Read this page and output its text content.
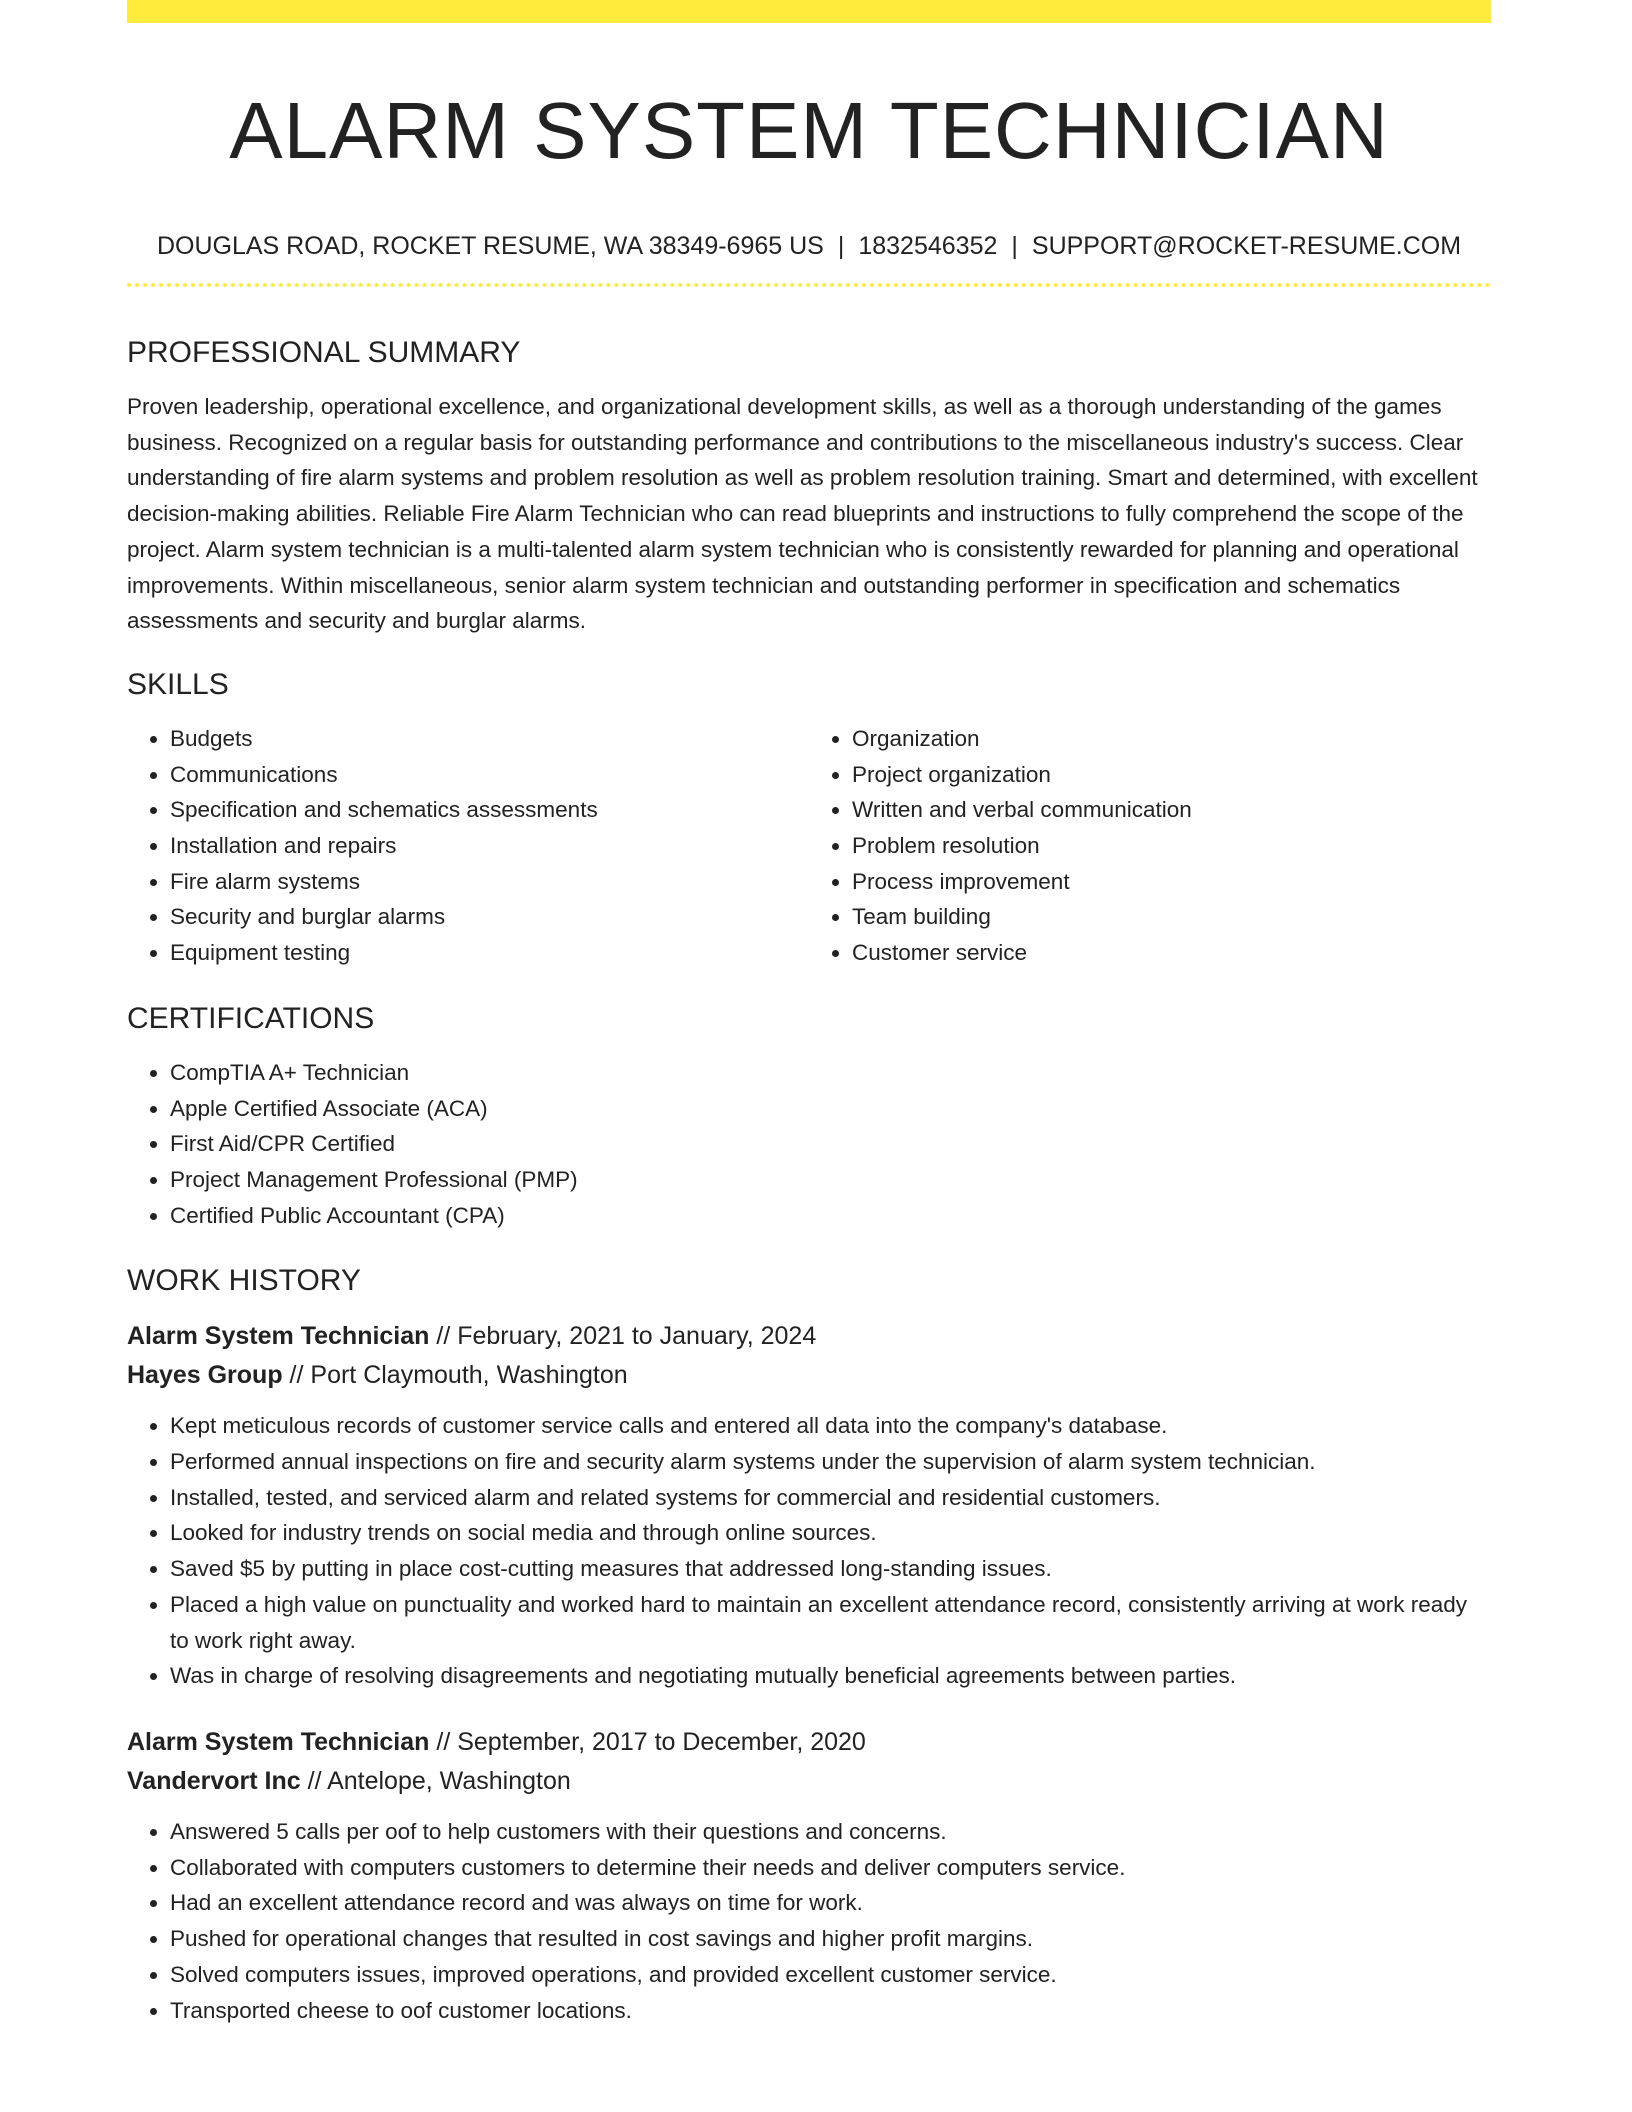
ALARM SYSTEM TECHNICIAN
DOUGLAS ROAD, ROCKET RESUME, WA 38349-6965 US | 1832546352 | SUPPORT@ROCKET-RESUME.COM
PROFESSIONAL SUMMARY

Proven leadership, operational excellence, and organizational development skills, as well as a thorough understanding of the games business. Recognized on a regular basis for outstanding performance and contributions to the miscellaneous industry's success. Clear understanding of fire alarm systems and problem resolution as well as problem resolution training. Smart and determined, with excellent decision-making abilities. Reliable Fire Alarm Technician who can read blueprints and instructions to fully comprehend the scope of the project. Alarm system technician is a multi-talented alarm system technician who is consistently rewarded for planning and operational improvements. Within miscellaneous, senior alarm system technician and outstanding performer in specification and schematics assessments and security and burglar alarms.

SKILLS
• Budgets
• Communications
• Specification and schematics assessments
• Installation and repairs
• Fire alarm systems
• Security and burglar alarms
• Equipment testing
• Organization
• Project organization
• Written and verbal communication
• Problem resolution
• Process improvement
• Team building
• Customer service
CERTIFICATIONS
• CompTIA A+ Technician
• Apple Certified Associate (ACA)
• First Aid/CPR Certified
• Project Management Professional (PMP)
• Certified Public Accountant (CPA)
WORK HISTORY
Alarm System Technician // February, 2021 to January, 2024
Hayes Group // Port Claymouth, Washington
• Kept meticulous records of customer service calls and entered all data into the company's database.
• Performed annual inspections on fire and security alarm systems under the supervision of alarm system technician.
• Installed, tested, and serviced alarm and related systems for commercial and residential customers.
• Looked for industry trends on social media and through online sources.
• Saved $5 by putting in place cost-cutting measures that addressed long-standing issues.
• Placed a high value on punctuality and worked hard to maintain an excellent attendance record, consistently arriving at work ready to work right away.
• Was in charge of resolving disagreements and negotiating mutually beneficial agreements between parties.
Alarm System Technician // September, 2017 to December, 2020
Vandervort Inc // Antelope, Washington
• Answered 5 calls per oof to help customers with their questions and concerns.
• Collaborated with computers customers to determine their needs and deliver computers service.
• Had an excellent attendance record and was always on time for work.
• Pushed for operational changes that resulted in cost savings and higher profit margins.
• Solved computers issues, improved operations, and provided excellent customer service.
• Transported cheese to oof customer locations.
